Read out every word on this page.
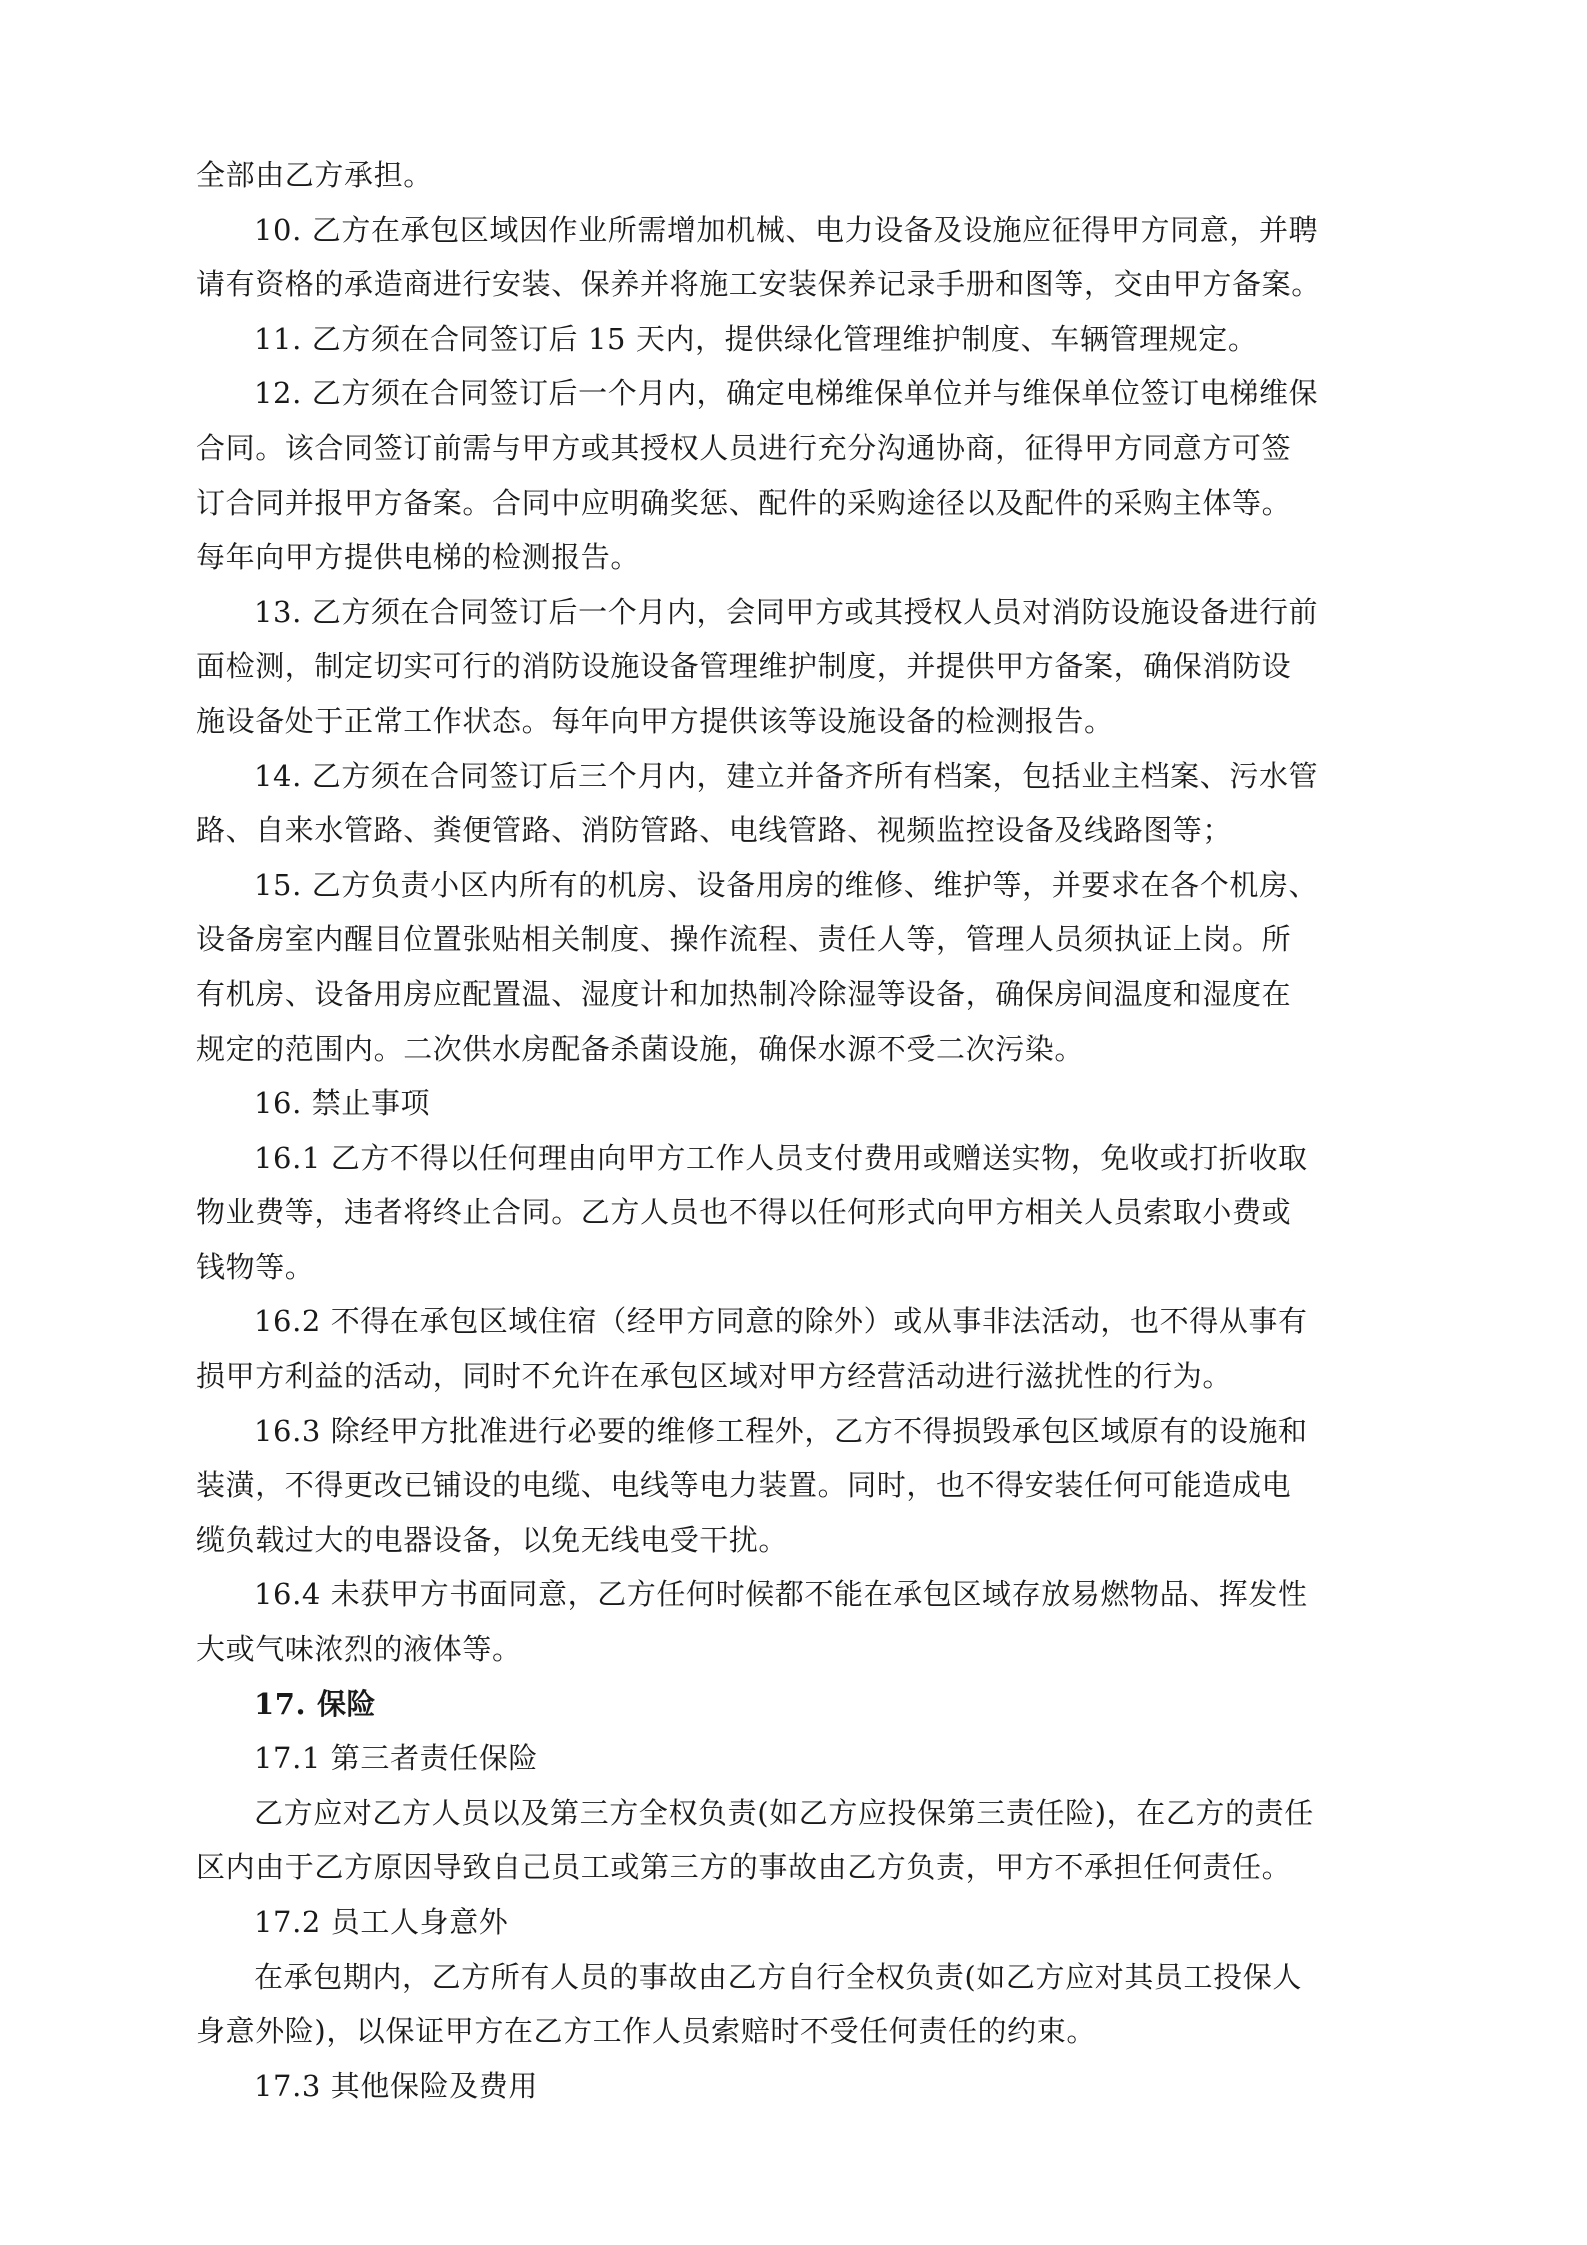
全部由乙方承担。
10. 乙方在承包区域因作业所需增加机械、电力设备及设施应征得甲方同意，并聘
请有资格的承造商进行安装、保养并将施工安装保养记录手册和图等，交由甲方备案。
11. 乙方须在合同签订后 15 天内，提供绿化管理维护制度、车辆管理规定。
12. 乙方须在合同签订后一个月内，确定电梯维保单位并与维保单位签订电梯维保
合同。该合同签订前需与甲方或其授权人员进行充分沟通协商，征得甲方同意方可签
订合同并报甲方备案。合同中应明确奖惩、配件的采购途径以及配件的采购主体等。
每年向甲方提供电梯的检测报告。
13. 乙方须在合同签订后一个月内，会同甲方或其授权人员对消防设施设备进行前
面检测，制定切实可行的消防设施设备管理维护制度，并提供甲方备案，确保消防设
施设备处于正常工作状态。每年向甲方提供该等设施设备的检测报告。
14. 乙方须在合同签订后三个月内，建立并备齐所有档案，包括业主档案、污水管
路、自来水管路、粪便管路、消防管路、电线管路、视频监控设备及线路图等；
15. 乙方负责小区内所有的机房、设备用房的维修、维护等，并要求在各个机房、
设备房室内醒目位置张贴相关制度、操作流程、责任人等，管理人员须执证上岗。所
有机房、设备用房应配置温、湿度计和加热制冷除湿等设备，确保房间温度和湿度在
规定的范围内。二次供水房配备杀菌设施，确保水源不受二次污染。
16. 禁止事项
16.1 乙方不得以任何理由向甲方工作人员支付费用或赠送实物，免收或打折收取
物业费等，违者将终止合同。乙方人员也不得以任何形式向甲方相关人员索取小费或
钱物等。
16.2 不得在承包区域住宿（经甲方同意的除外）或从事非法活动，也不得从事有
损甲方利益的活动，同时不允许在承包区域对甲方经营活动进行滋扰性的行为。
16.3 除经甲方批准进行必要的维修工程外，乙方不得损毁承包区域原有的设施和
装潢，不得更改已铺设的电缆、电线等电力装置。同时，也不得安装任何可能造成电
缆负载过大的电器设备，以免无线电受干扰。
16.4 未获甲方书面同意，乙方任何时候都不能在承包区域存放易燃物品、挥发性
大或气味浓烈的液体等。
17. 保险
17.1 第三者责任保险
乙方应对乙方人员以及第三方全权负责(如乙方应投保第三责任险)，在乙方的责任
区内由于乙方原因导致自己员工或第三方的事故由乙方负责，甲方不承担任何责任。
17.2 员工人身意外
在承包期内，乙方所有人员的事故由乙方自行全权负责(如乙方应对其员工投保人
身意外险)，以保证甲方在乙方工作人员索赔时不受任何责任的约束。
17.3 其他保险及费用
